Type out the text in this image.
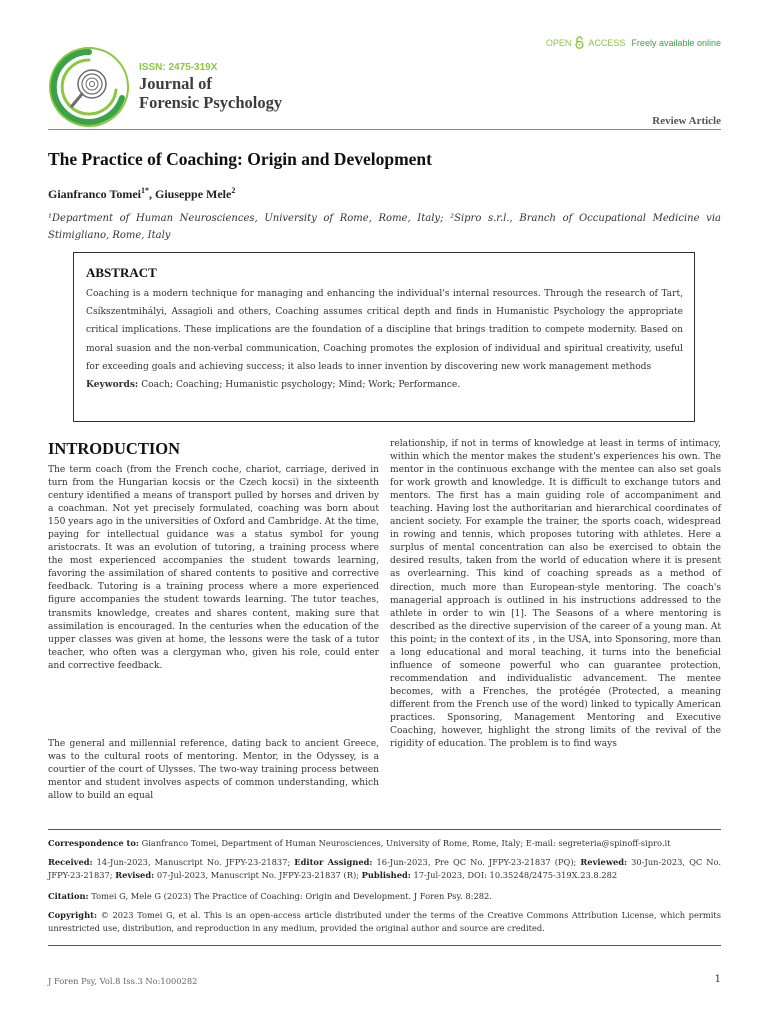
ISSN: 2475-319X
Journal of
Forensic Psychology
OPEN ACCESS Freely available online
Review Article
The Practice of Coaching: Origin and Development
Gianfranco Tomei$^{1*}$, Giuseppe Mele$^2$
¹Department of Human Neurosciences, University of Rome, Rome, Italy; ²Sipro s.r.l., Branch of Occupational Medicine via Stimigliano, Rome, Italy
ABSTRACT
Coaching is a modern technique for managing and enhancing the individual's internal resources. Through the research of Tart, Csíkszentmihályi, Assagioli and others, Coaching assumes critical depth and finds in Humanistic Psychology the appropriate critical implications. These implications are the foundation of a discipline that brings tradition to compete modernity. Based on moral suasion and the non-verbal communication, Coaching promotes the explosion of individual and spiritual creativity, useful for exceeding goals and achieving success; it also leads to inner invention by discovering new work management methods
Keywords: Coach; Coaching; Humanistic psychology; Mind; Work; Performance.
INTRODUCTION

The term coach (from the French coche, chariot, carriage, derived in turn from the Hungarian kocsis or the Czech kocsi) in the sixteenth century identified a means of transport pulled by horses and driven by a coachman. Not yet precisely formulated, coaching was born about 150 years ago in the universities of Oxford and Cambridge. At the time, paying for intellectual guidance was a status symbol for young aristocrats. It was an evolution of tutoring, a training process where the most experienced accompanies the student towards learning, favoring the assimilation of shared contents to positive and corrective feedback. Tutoring is a training process where a more experienced figure accompanies the student towards learning. The tutor teaches, transmits knowledge, creates and shares content, making sure that assimilation is encouraged. In the centuries when the education of the upper classes was given at home, the lessons were the task of a tutor teacher, who often was a clergyman who, given his role, could enter and corrective feedback.

The general and millennial reference, dating back to ancient Greece, was to the cultural roots of mentoring. Mentor, in the Odyssey, is a courtier of the court of Ulysses. The two-way training process between mentor and student involves aspects of common understanding, which allow to build an equal

relationship, if not in terms of knowledge at least in terms of intimacy, within which the mentor makes the student's experiences his own. The mentor in the continuous exchange with the mentee can also set goals for work growth and knowledge. It is difficult to exchange tutors and mentors. The first has a main guiding role of accompaniment and teaching. Having lost the authoritarian and hierarchical coordinates of ancient society. For example the trainer, the sports coach, widespread in rowing and tennis, which proposes tutoring with athletes. Here a surplus of mental concentration can also be exercised to obtain the desired results, taken from the world of education where it is present as overlearning. This kind of coaching spreads as a method of direction, much more than European-style mentoring. The coach's managerial approach is outlined in his instructions addressed to the athlete in order to win [1]. The Seasons of a where mentoring is described as the directive supervision of the career of a young man. At this point; in the context of its , in the USA, into Sponsoring, more than a long educational and moral teaching, it turns into the beneficial influence of someone powerful who can guarantee protection, recommendation and individualistic advancement. The mentee becomes, with a Frenches, the protégée (Protected, a meaning different from the French use of the word) linked to typically American practices. Sponsoring, Management Mentoring and Executive Coaching, however, highlight the strong limits of the revival of the rigidity of education. The problem is to find ways

Correspondence to: Gianfranco Tomei, Department of Human Neurosciences, University of Rome, Rome, Italy; E-mail: segreteria@spinoff-sipro.it
Received: 14-Jun-2023, Manuscript No. JFPY-23-21837; Editor Assigned: 16-Jun-2023, Pre QC No. JFPY-23-21837 (PQ); Reviewed: 30-Jun-2023, QC No. JFPY-23-21837; Revised: 07-Jul-2023, Manuscript No. JFPY-23-21837 (R); Published: 17-Jul-2023, DOI: 10.35248/2475-319X.23.8.282
Citation: Tomei G, Mele G (2023) The Practice of Coaching: Origin and Development. J Foren Psy. 8:282.
Copyright: © 2023 Tomei G, et al. This is an open-access article distributed under the terms of the Creative Commons Attribution License, which permits unrestricted use, distribution, and reproduction in any medium, provided the original author and source are credited.
J Foren Psy, Vol.8 Iss.3 No:1000282	1
